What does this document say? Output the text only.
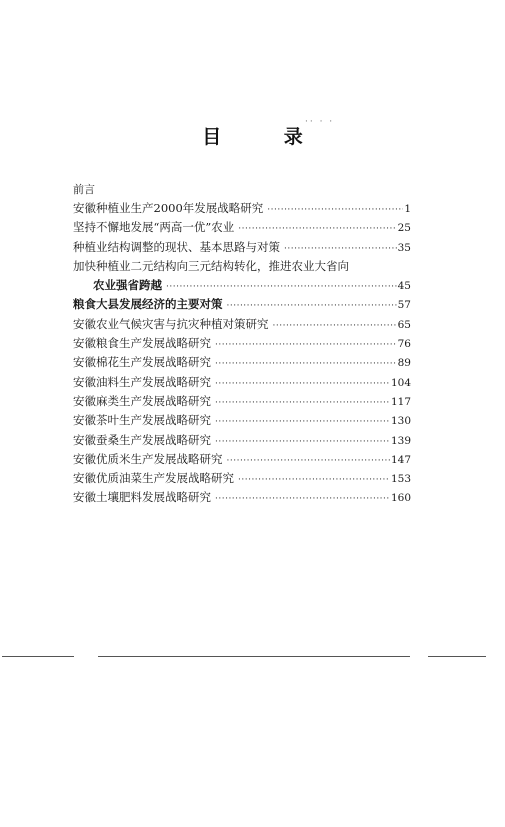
·· · ·
目 录
前言
安徽种植业生产2000年发展战略研究 ·····	1
坚持不懈地发展“两高一优”农业 ·····	25
种植业结构调整的现状、基本思路与对策 ·····	35
加快种植业二元结构向三元结构转化，推进农业大省向
农业强省跨越 ·····	45
粮食大县发展经济的主要对策 ·····	57
安徽农业气候灾害与抗灾种植对策研究 ·····	65
安徽粮食生产发展战略研究 ·····	76
安徽棉花生产发展战略研究 ·····	89
安徽油料生产发展战略研究 ·····	104
安徽麻类生产发展战略研究 ·····	117
安徽茶叶生产发展战略研究 ·····	130
安徽蚕桑生产发展战略研究 ·····	139
安徽优质米生产发展战略研究 ·····	147
安徽优质油菜生产发展战略研究 ·····	153
安徽土壤肥料发展战略研究 ·····	160
